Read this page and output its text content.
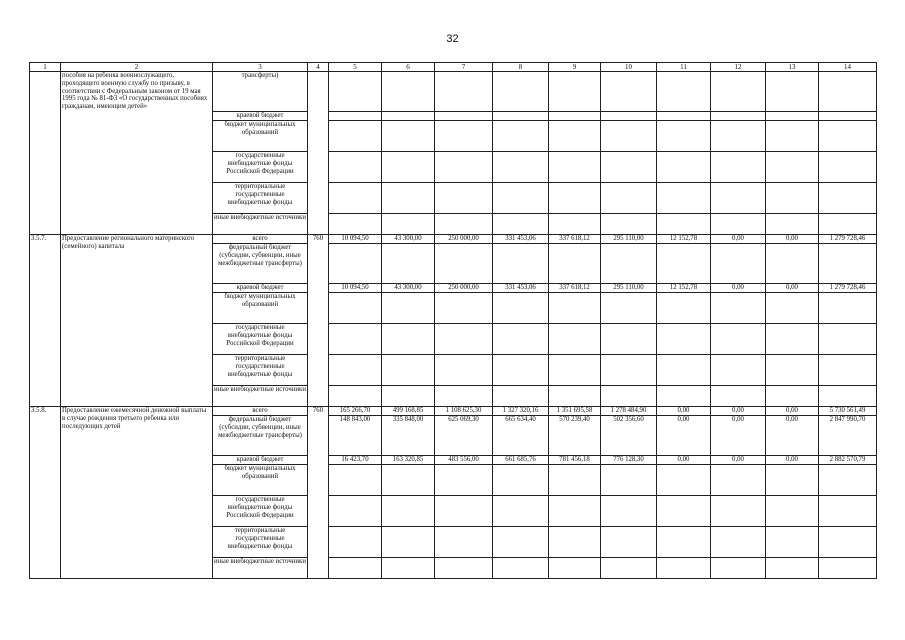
32
1	2	3	4	5	6	7	8	9	10	11	12	13	14
	пособия на ребенка военнослужащего, проходящего военную службу по призыву, в соответствии с Федеральным законом от 19 мая 1995 года № 81-ФЗ «О государственных пособиях гражданам, имеющим детей»	трансферты)											
		краевой бюджет											
		бюджет муниципальных образований											
		государственные внебюджетные фонды Российской Федерации											
		территориальные государственные внебюджетные фонды											
		иные внебюджетные источники											
3.5.7.	Предоставление регионального материнского (семейного) капитала	всего	760	10 094,50	43 300,00	250 000,00	331 453,06	337 618,12	295 110,00	12 152,78	0,00	0,00	1 279 728,46
		федеральный бюджет (субсидии, субвенции, иные межбюджетные трансферты)											
		краевой бюджет		10 094,50	43 300,00	250 000,00	331 453,06	337 618,12	295 110,00	12 152,78	0,00	0,00	1 279 728,46
		бюджет муниципальных образований											
		государственные внебюджетные фонды Российской Федерации											
		территориальные государственные внебюджетные фонды											
		иные внебюджетные источники											
3.5.8.	Предоставление ежемесячной денежной выплаты в случае рождения третьего ребенка или последующих детей	всего	760	165 266,70	499 168,85	1 108 625,30	1 327 320,16	1 351 695,58	1 278 484,90	0,00	0,00	0,00	5 730 561,49
		федеральный бюджет (субсидии, субвенции, иные межбюджетные трансферты)		148 843,00	335 848,00	625 069,30	665 634,40	570 239,40	502 356,60	0,00	0,00	0,00	2 847 990,70
		краевой бюджет		16 423,70	163 320,85	483 556,00	661 685,76	781 456,18	776 128,30	0,00	0,00	0,00	2 882 570,79
		бюджет муниципальных образований											
		государственные внебюджетные фонды Российской Федерации											
		территориальные государственные внебюджетные фонды											
		иные внебюджетные источники											
